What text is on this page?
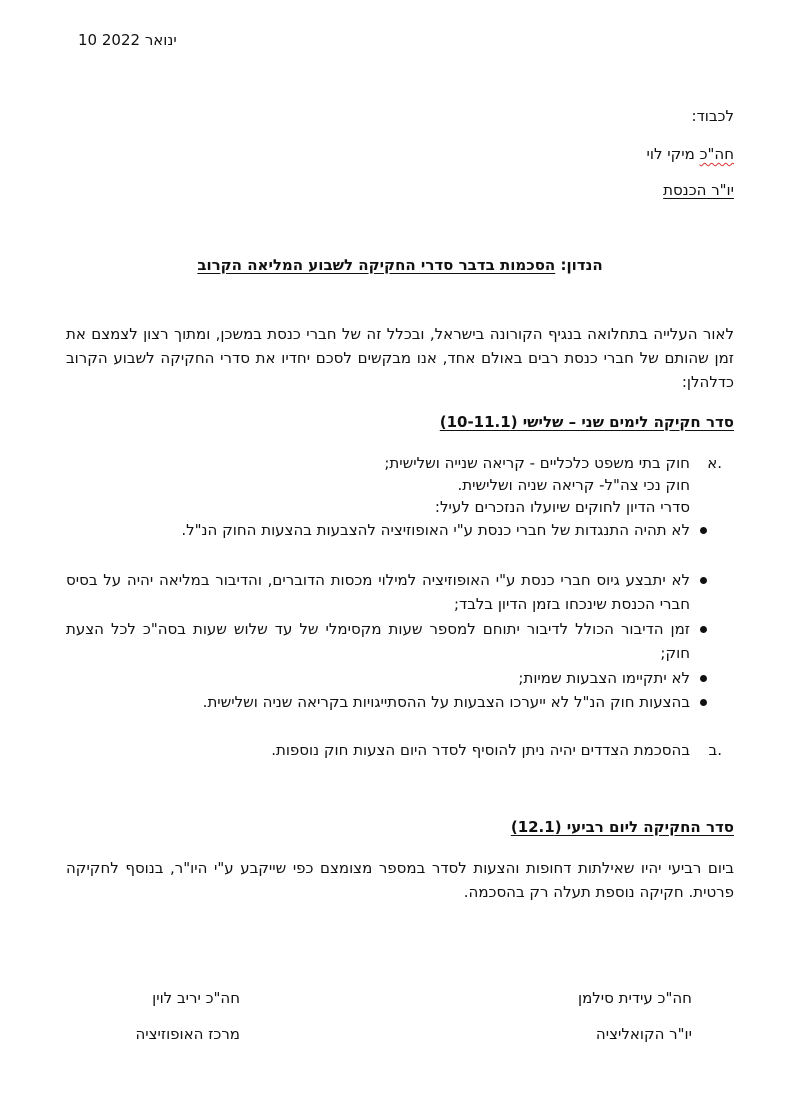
10 ינואר 2022
לכבוד:
חה"כ מיקי לוי
יו"ר הכנסת
הנדון: הסכמות בדבר סדרי החקיקה לשבוע המליאה הקרוב
לאור העלייה בתחלואה בנגיף הקורונה בישראל, ובכלל זה של חברי כנסת במשכן, ומתוך רצון לצמצם את זמן שהותם של חברי כנסת רבים באולם אחד, אנו מבקשים לסכם יחדיו את סדרי החקיקה לשבוע הקרוב כדלהלן:
סדר חקיקה לימים שני – שלישי (10-11.1)
א.
חוק בתי משפט כלכליים - קריאה שנייה ושלישית;
חוק נכי צה"ל- קריאה שניה ושלישית.
סדרי הדיון לחוקים שיועלו הנזכרים לעיל:
לא תהיה התנגדות של חברי כנסת ע"י האופוזיציה להצבעות בהצעות החוק הנ"ל.
לא יתבצע גיוס חברי כנסת ע"י האופוזיציה למילוי מכסות הדוברים, והדיבור במליאה יהיה על בסיס חברי הכנסת שינכחו בזמן הדיון בלבד;
זמן הדיבור הכולל לדיבור יתוחם למספר שעות מקסימלי של עד שלוש שעות בסה"כ לכל הצעת חוק;
לא יתקיימו הצבעות שמיות;
בהצעות חוק הנ"ל לא ייערכו הצבעות על ההסתייגויות בקריאה שניה ושלישית.
ב.
בהסכמת הצדדים יהיה ניתן להוסיף לסדר היום הצעות חוק נוספות.
סדר החקיקה ליום רביעי (12.1)
ביום רביעי יהיו שאילתות דחופות והצעות לסדר במספר מצומצם כפי שייקבע ע"י היו"ר, בנוסף לחקיקה פרטית. חקיקה נוספת תעלה רק בהסכמה.
חה"כ עידית סילמן
יו"ר הקואליציה
חה"כ יריב לוין
מרכז האופוזיציה
